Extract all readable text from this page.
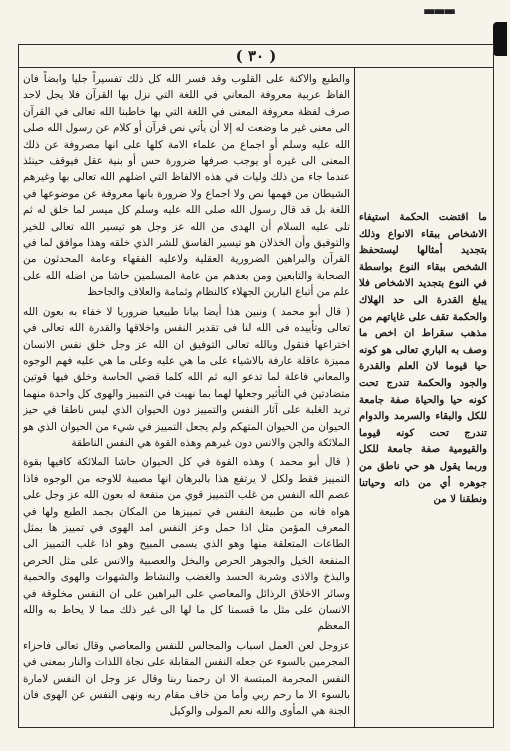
▬▬▬
( ٣٠ )

والطبع والاكنة على القلوب وقد فسر الله كل ذلك تفسيراً جليا وابضاً فان الفاظ عربية معروفة المعاني في اللغة التي نزل بها القرآن فلا يجل لاحد صرف لفظة معروفة المعنى في اللغة التي بها خاطبنا الله تعالى في القرآن الى معنى غير ما وضعت له إلا أن يأتي نص قرآن أو كلام عن رسول الله صلى الله عليه وسلم أو اجماع من علماء الامة كلها على انها مصروفة عن ذلك المعنى الى غيره أو يوجب صرفها ضرورة حس أو بنية عقل فيوقف حينئذ عندما جاء من ذلك وليات في هذه الالفاظ التي اضلهم الله تعالى بها وغيرهم الشيطان من فهمها نص ولا اجماع ولا ضرورة بانها معروفة عن موضوعها في اللغة بل قد قال رسول الله صلى الله عليه وسلم كل ميسر لما خلق له ثم تلى عليه السلام أن الهدى من الله عز وجل هو تيسير الله تعالى للخير والتوفيق وأن الخذلان هو تيسير الفاسق للشر الذي خلقه وهذا موافق لما في القرآن والبراهين الضرورية العقلية ولاعليه الفقهاء وعامة المحدثون من الصحابة والتابعين ومن بعدهم من عامة المسلمين حاشا من اضله الله على علم من أتباع البارين الجهلاء كالنظام وثمامة والعلاف والجاحظ

( قال أبو محمد ) ونبين هذا أيضا بيانا طبيعيا ضروريا لا خفاء به بعون الله تعالى وتأييده فى الله لنا فى تقدير النفس واخلاقها والقدرة الله تعالى في اختراعها فنقول وبالله تعالى التوفيق ان الله عز وجل خلق نفس الانسان مميزة عاقلة عارفة بالاشياء على ما هي عليه وعلى ما هي عليه فهم الوجوه والمعاني فاعلة لما تدعو اليه ثم الله كلما قضي الحاسة وخلق فيها قوتين متضادتين في التأثير وجعلها لهما بما نهيت في التمييز والهوى كل واحدة منهما تريد الغلبة على آثار النفس والتمييز دون الحيوان الذي ليس ناطقا في حيز الحيوان من الحيوان المتهكم ولم يجعل التمييز في شيء من الحيوان الذي هو الملائكة والجن والانس دون غيرهم وهذه القوة هي النفس الناطقة

( قال أبو محمد ) وهذه القوة في كل الحيوان حاشا الملائكة كافيها بقوة التمييز فقط ولكل لا يرتفع هذا بالبرهان انها مصيبة للاوجه من الوجوه فاذا عصم الله النفس من غلب التمييز قوي من منفعة له بعون الله عز وجل على هواه فانه من طبيعة النفس في تمييزها من المكان بجمد الطبع ولها في المعرف المؤمن مثل اذا حمل وعز النفس امد الهوى في تمييز ها بمثل الطاعات المتعلقة منها وهو الذي يسمى المبيح وهو اذا غلب التمييز الى المنفعة الخيل والجوهر الحرص والبخل والعصبية والانس على مثل الحرص والبذخ والاذى وشربة الحسد والغضب والنشاط والشهوات والهوى والحمية وسائر الاخلاق الرذائل والمعاصي على البراهين على ان النفس مخلوقة في الانسان على مثل ما قسمنا كل ما لها الى غير ذلك مما لا يحاط به والله المعظم

عزوجل لعن العمل اسباب والمجالس للنفس والمعاصي وقال تعالى فاحزاء المجرمين بالسوء عن جعله النفس المقابلة على نجاة اللذات والنار بمعنى في النفس المجرمة المبتسة الا ان رحمنا ربنا وقال عز وجل ان النفس لامارة بالسوء الا ما رحم ربي وأما من خاف مقام ربه ونهى النفس عن الهوى فان الجنة هي المأوى والله نعم المولى والوكيل

ما اقتضت الحكمة استيفاء الاشخاص ببقاء الانواع وذلك بتجديد أمثالها ليستحفظ الشخص ببقاء النوع بواسطة في النوع بتجديد الاشخاص فلا يبلغ القدرة الى حد الهلاك والحكمة تقف على غاياتهم من مذهب سقراط ان اخص ما وصف به الباري تعالى هو كونه حيا قيوما لان العلم والقدرة والجود والحكمة تندرج تحت كونه حيا والحياة صفة جامعة للكل والبقاء والسرمد والدوام تندرج تحت كونه قيوما والقيومية صفة جامعة للكل وربما يقول هو حي ناطق من جوهره أي من ذاته وحياتنا ونطقنا لا من
